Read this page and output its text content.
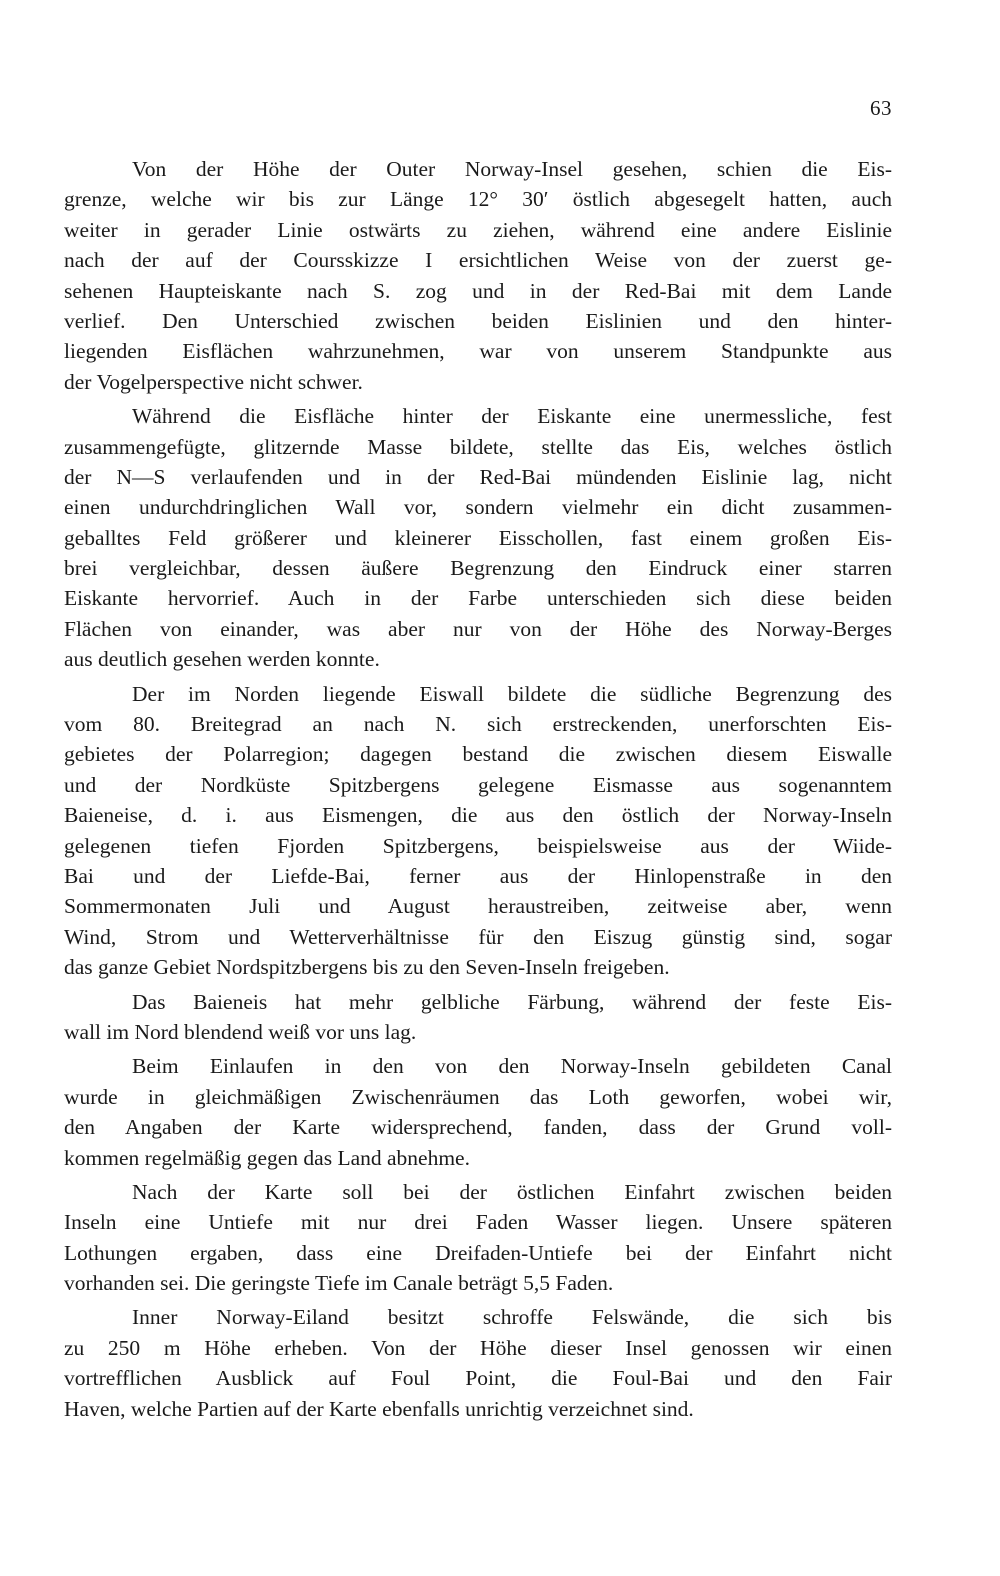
63
Von der Höhe der Outer Norway-Insel gesehen, schien die Eis-
grenze, welche wir bis zur Länge 12° 30′ östlich abgesegelt hatten, auch
weiter in gerader Linie ostwärts zu ziehen, während eine andere Eislinie
nach der auf der Coursskizze I ersichtlichen Weise von der zuerst ge-
sehenen Haupteiskante nach S. zog und in der Red-Bai mit dem Lande
verlief. Den Unterschied zwischen beiden Eislinien und den hinter-
liegenden Eisflächen wahrzunehmen, war von unserem Standpunkte aus
der Vogelperspective nicht schwer.
Während die Eisfläche hinter der Eiskante eine unermessliche, fest
zusammengefügte, glitzernde Masse bildete, stellte das Eis, welches östlich
der N—S verlaufenden und in der Red-Bai mündenden Eislinie lag, nicht
einen undurchdringlichen Wall vor, sondern vielmehr ein dicht zusammen-
geballtes Feld größerer und kleinerer Eisschollen, fast einem großen Eis-
brei vergleichbar, dessen äußere Begrenzung den Eindruck einer starren
Eiskante hervorrief. Auch in der Farbe unterschieden sich diese beiden
Flächen von einander, was aber nur von der Höhe des Norway-Berges
aus deutlich gesehen werden konnte.
Der im Norden liegende Eiswall bildete die südliche Begrenzung des
vom 80. Breitegrad an nach N. sich erstreckenden, unerforschten Eis-
gebietes der Polarregion; dagegen bestand die zwischen diesem Eiswalle
und der Nordküste Spitzbergens gelegene Eismasse aus sogenanntem
Baieneise, d. i. aus Eismengen, die aus den östlich der Norway-Inseln
gelegenen tiefen Fjorden Spitzbergens, beispielsweise aus der Wiide-
Bai und der Liefde-Bai, ferner aus der Hinlopenstraße in den
Sommermonaten Juli und August heraustreiben, zeitweise aber, wenn
Wind, Strom und Wetterverhältnisse für den Eiszug günstig sind, sogar
das ganze Gebiet Nordspitzbergens bis zu den Seven-Inseln freigeben.
Das Baieneis hat mehr gelbliche Färbung, während der feste Eis-
wall im Nord blendend weiß vor uns lag.
Beim Einlaufen in den von den Norway-Inseln gebildeten Canal
wurde in gleichmäßigen Zwischenräumen das Loth geworfen, wobei wir,
den Angaben der Karte widersprechend, fanden, dass der Grund voll-
kommen regelmäßig gegen das Land abnehme.
Nach der Karte soll bei der östlichen Einfahrt zwischen beiden
Inseln eine Untiefe mit nur drei Faden Wasser liegen. Unsere späteren
Lothungen ergaben, dass eine Dreifaden-Untiefe bei der Einfahrt nicht
vorhanden sei. Die geringste Tiefe im Canale beträgt 5,5 Faden.
Inner Norway-Eiland besitzt schroffe Felswände, die sich bis
zu 250 m Höhe erheben. Von der Höhe dieser Insel genossen wir einen
vortrefflichen Ausblick auf Foul Point, die Foul-Bai und den Fair
Haven, welche Partien auf der Karte ebenfalls unrichtig verzeichnet sind.
